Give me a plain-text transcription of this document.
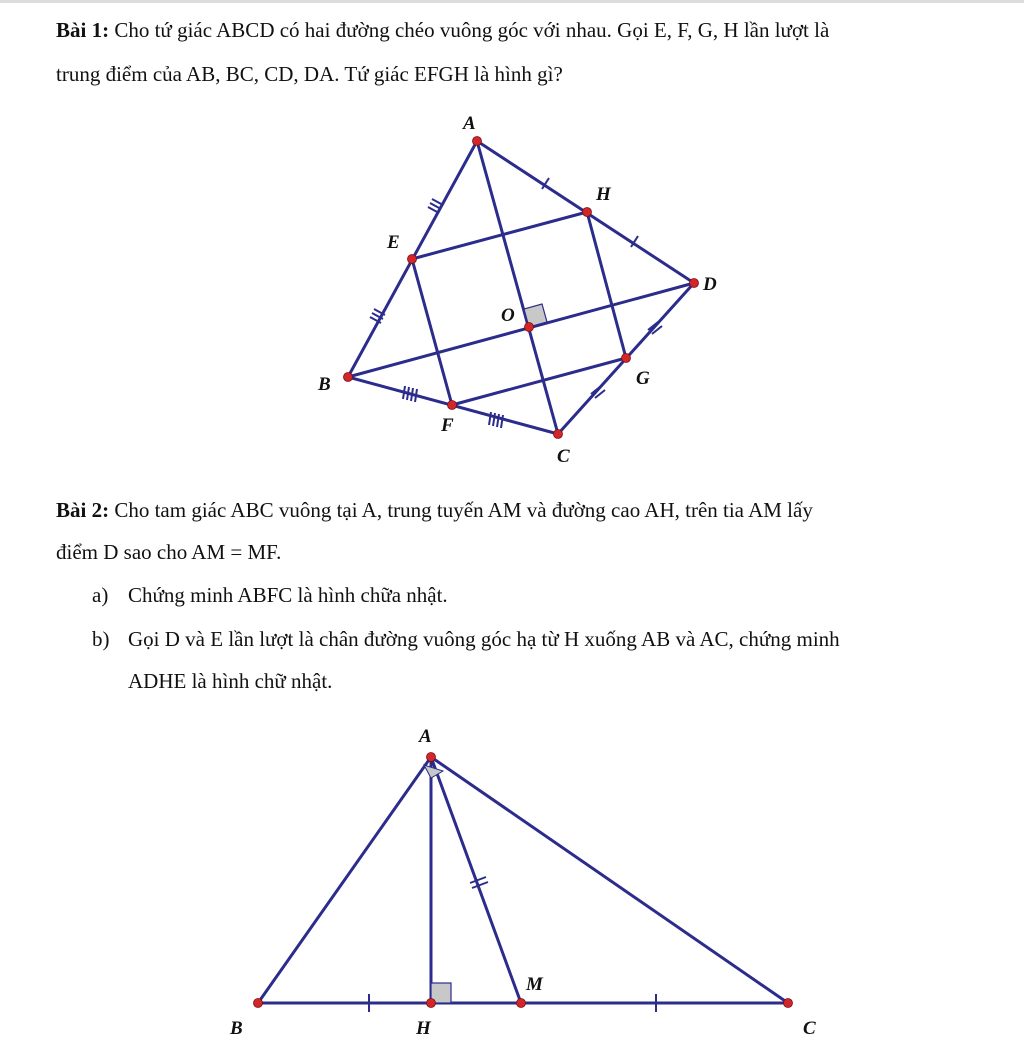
Bài 1: Cho tứ giác ABCD có hai đường chéo vuông góc với nhau. Gọi E, F, G, H lần lượt là
trung điểm của AB, BC, CD, DA. Tứ giác EFGH là hình gì?
A
B
C
D
E
F
G
H
O
Bài 2: Cho tam giác ABC vuông tại A, trung tuyến AM và đường cao AH, trên tia AM lấy
điểm D sao cho AM = MF.
a) Chứng minh ABFC là hình chữa nhật.
b) Gọi D và E lần lượt là chân đường vuông góc hạ từ H xuống AB và AC, chứng minh
ADHE là hình chữ nhật.
A
B	C
H
M
